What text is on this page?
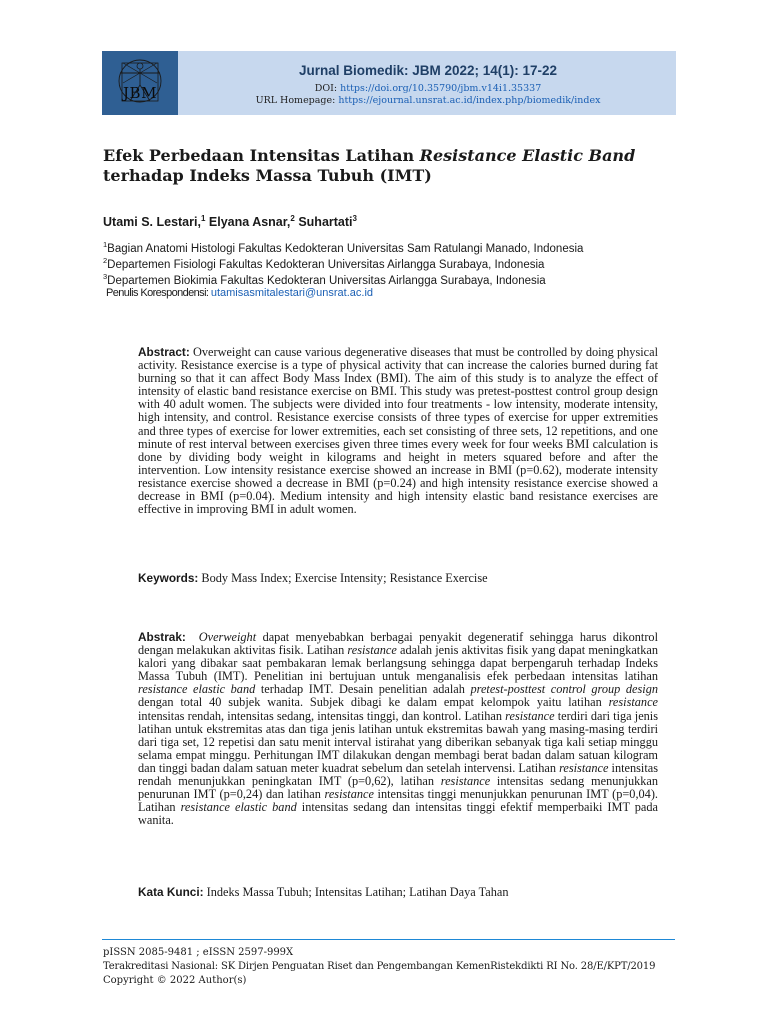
JBM
Jurnal Biomedik: JBM 2022; 14(1): 17-22
DOI: https://doi.org/10.35790/jbm.v14i1.35337
URL Homepage: https://ejournal.unsrat.ac.id/index.php/biomedik/index
Efek Perbedaan Intensitas Latihan Resistance Elastic Band terhadap Indeks Massa Tubuh (IMT)
Utami S. Lestari,$^1$ Elyana Asnar,$^2$ Suhartati$^3$
$^1$Bagian Anatomi Histologi Fakultas Kedokteran Universitas Sam Ratulangi Manado, Indonesia
$^2$Departemen Fisiologi Fakultas Kedokteran Universitas Airlangga Surabaya, Indonesia
$^3$Departemen Biokimia Fakultas Kedokteran Universitas Airlangga Surabaya, Indonesia
Penulis Korespondensi: utamisasmitalestari@unsrat.ac.id
Abstract: Overweight can cause various degenerative diseases that must be controlled by doing physical activity. Resistance exercise is a type of physical activity that can increase the calories burned during fat burning so that it can affect Body Mass Index (BMI). The aim of this study is to analyze the effect of intensity of elastic band resistance exercise on BMI. This study was pretest-posttest control group design with 40 adult women. The subjects were divided into four treatments - low intensity, moderate intensity, high intensity, and control. Resistance exercise consists of three types of exercise for upper extremities and three types of exercise for lower extremities, each set consisting of three sets, 12 repetitions, and one minute of rest interval between exercises given three times every week for four weeks BMI calculation is done by dividing body weight in kilograms and height in meters squared before and after the intervention. Low intensity resistance exercise showed an increase in BMI (p=0.62), moderate intensity resistance exercise showed a decrease in BMI (p=0.24) and high intensity resistance exercise showed a decrease in BMI (p=0.04). Medium intensity and high intensity elastic band resistance exercises are effective in improving BMI in adult women.
Keywords: Body Mass Index; Exercise Intensity; Resistance Exercise
Abstrak: Overweight dapat menyebabkan berbagai penyakit degeneratif sehingga harus dikontrol dengan melakukan aktivitas fisik. Latihan resistance adalah jenis aktivitas fisik yang dapat meningkatkan kalori yang dibakar saat pembakaran lemak berlangsung sehingga dapat berpengaruh terhadap Indeks Massa Tubuh (IMT). Penelitian ini bertujuan untuk menganalisis efek perbedaan intensitas latihan resistance elastic band terhadap IMT. Desain penelitian adalah pretest-posttest control group design dengan total 40 subjek wanita. Subjek dibagi ke dalam empat kelompok yaitu latihan resistance intensitas rendah, intensitas sedang, intensitas tinggi, dan kontrol. Latihan resistance terdiri dari tiga jenis latihan untuk ekstremitas atas dan tiga jenis latihan untuk ekstremitas bawah yang masing-masing terdiri dari tiga set, 12 repetisi dan satu menit interval istirahat yang diberikan sebanyak tiga kali setiap minggu selama empat minggu. Perhitungan IMT dilakukan dengan membagi berat badan dalam satuan kilogram dan tinggi badan dalam satuan meter kuadrat sebelum dan setelah intervensi. Latihan resistance intensitas rendah menunjukkan peningkatan IMT (p=0,62), latihan resistance intensitas sedang menunjukkan penurunan IMT (p=0,24) dan latihan resistance intensitas tinggi menunjukkan penurunan IMT (p=0,04). Latihan resistance elastic band intensitas sedang dan intensitas tinggi efektif memperbaiki IMT pada wanita.
Kata Kunci: Indeks Massa Tubuh; Intensitas Latihan; Latihan Daya Tahan
pISSN 2085-9481 ; eISSN 2597-999X
Terakreditasi Nasional: SK Dirjen Penguatan Riset dan Pengembangan KemenRistekdikti RI No. 28/E/KPT/2019
Copyright © 2022 Author(s)
